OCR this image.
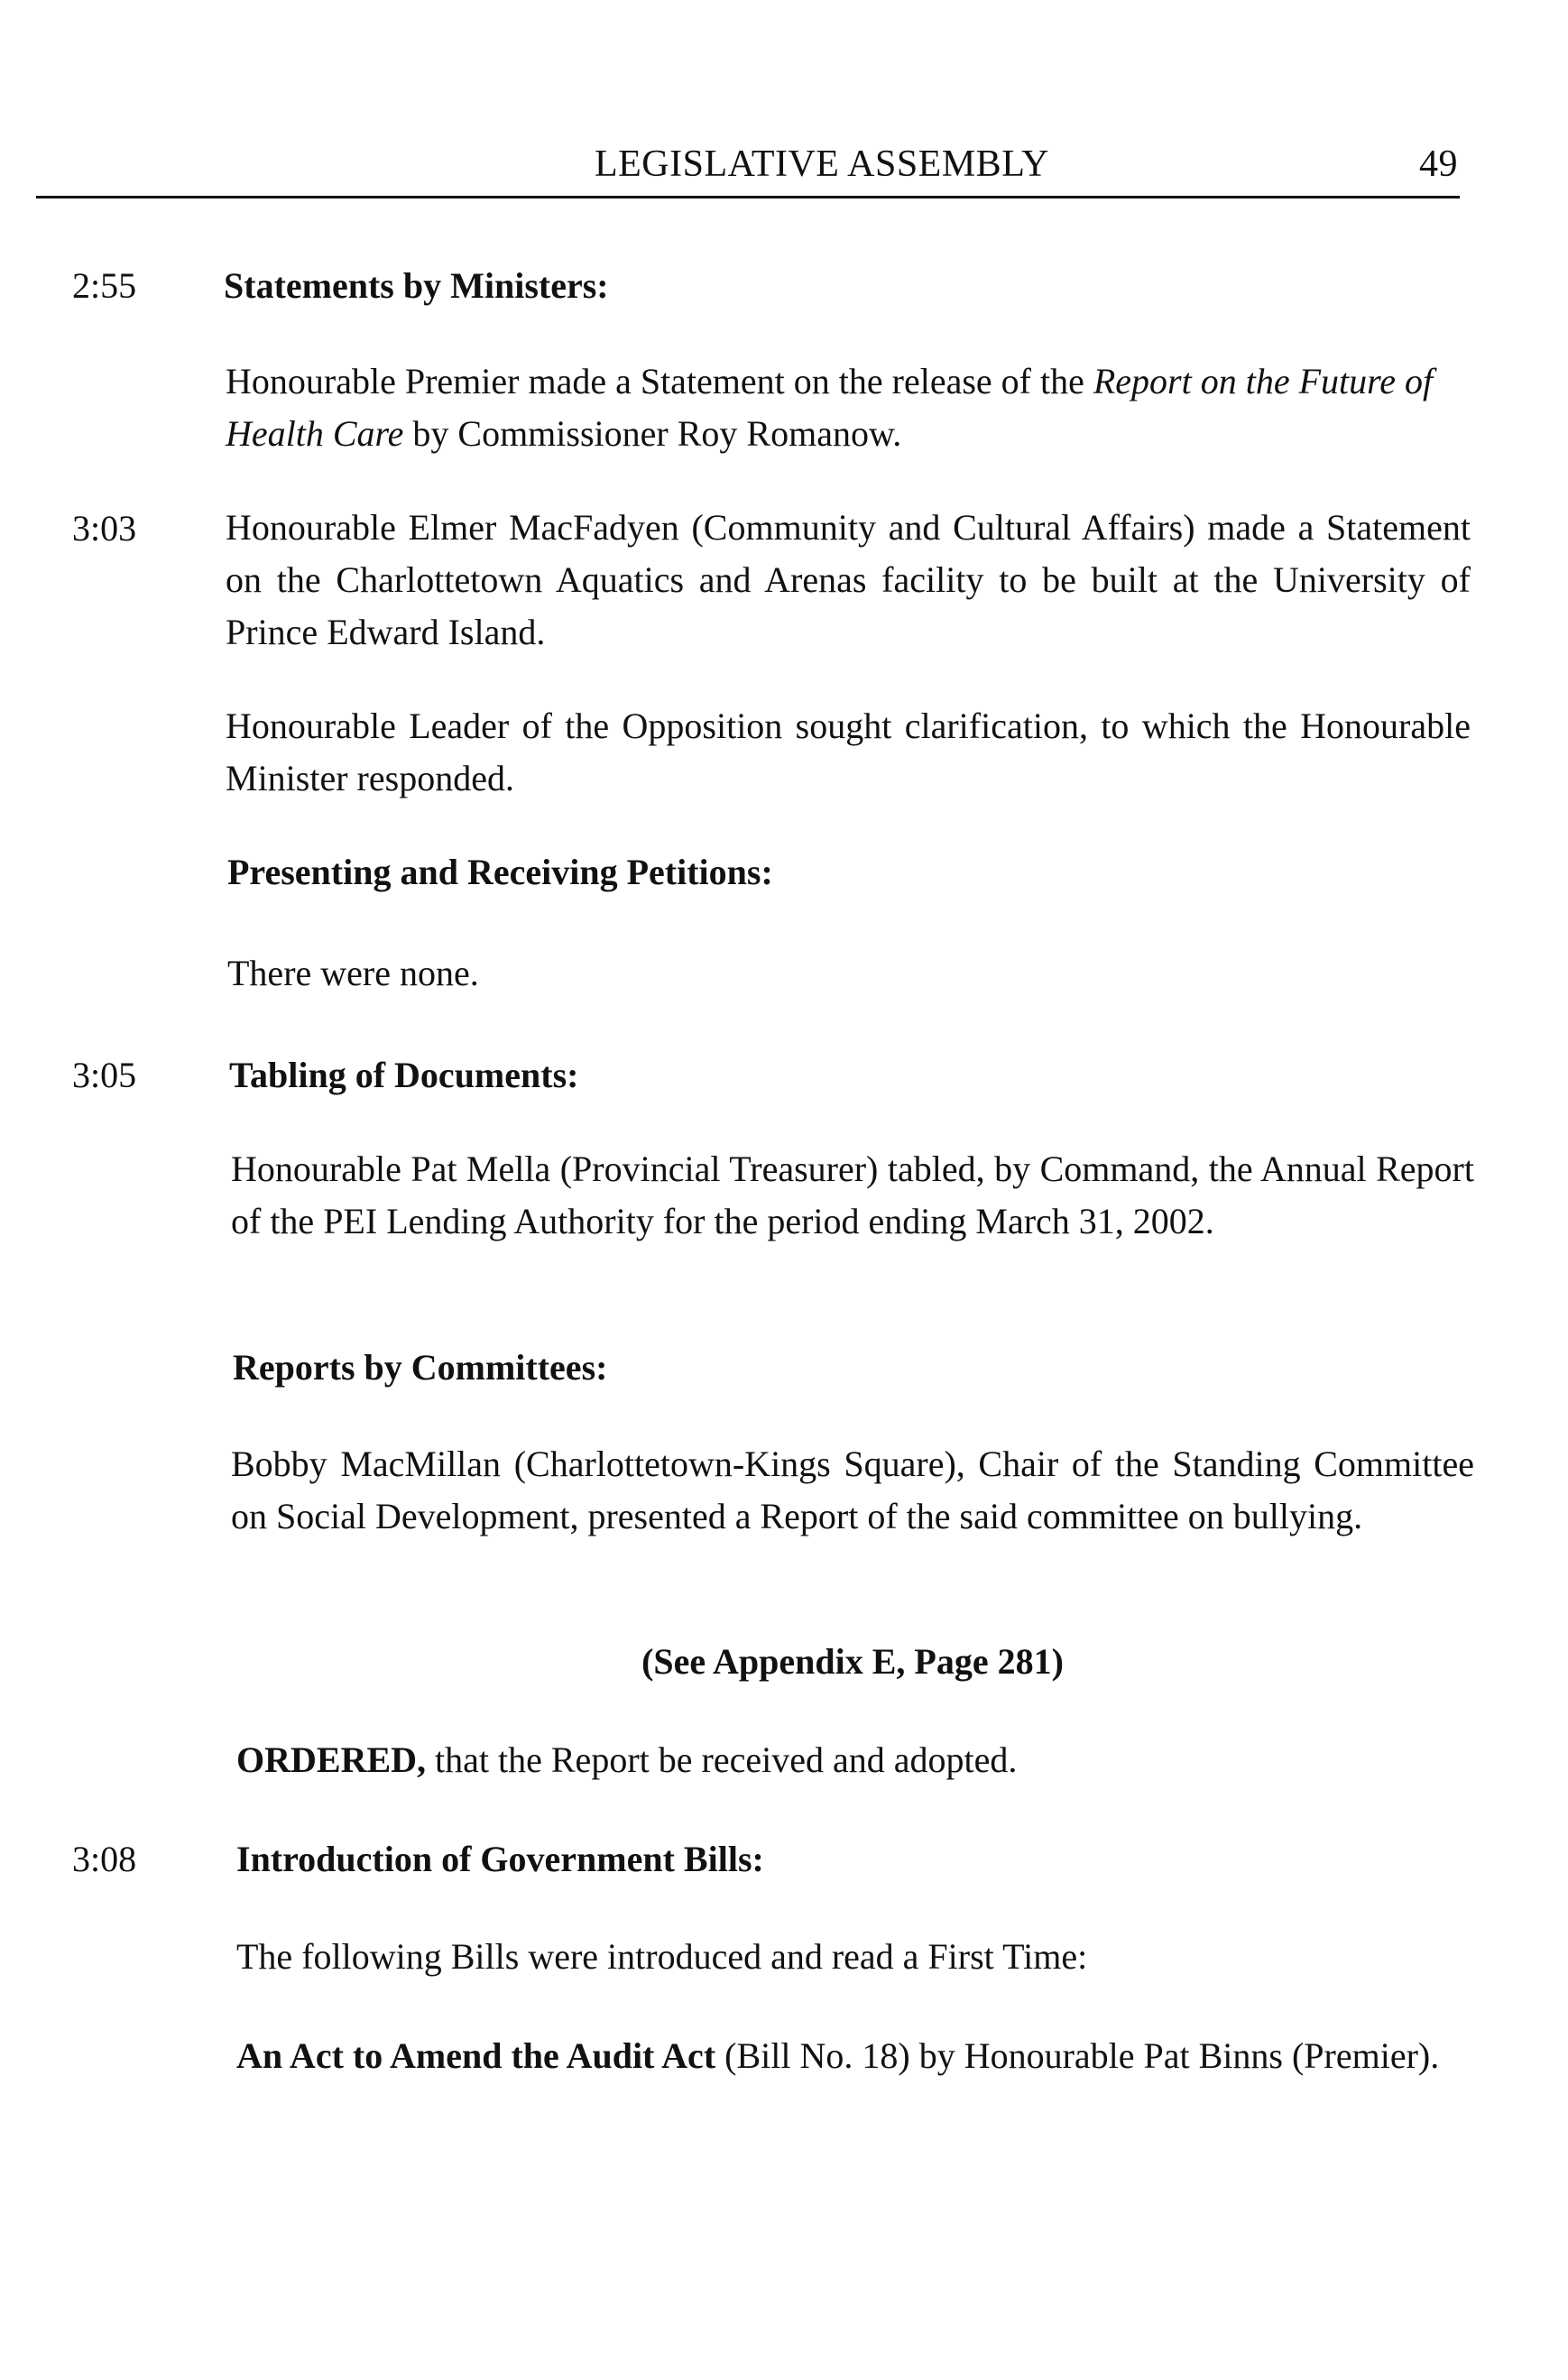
LEGISLATIVE ASSEMBLY	49
2:55 Statements by Ministers:
Honourable Premier made a Statement on the release of the Report on the Future of Health Care by Commissioner Roy Romanow.
3:03 Honourable Elmer MacFadyen (Community and Cultural Affairs) made a Statement on the Charlottetown Aquatics and Arenas facility to be built at the University of Prince Edward Island.
Honourable Leader of the Opposition sought clarification, to which the Honourable Minister responded.
Presenting and Receiving Petitions:
There were none.
3:05	Tabling of Documents:
Honourable Pat Mella (Provincial Treasurer) tabled, by Command, the Annual Report of the PEI Lending Authority for the period ending March 31, 2002.
Reports by Committees:
Bobby MacMillan (Charlottetown-Kings Square), Chair of the Standing Committee on Social Development, presented a Report of the said committee on bullying.
(See Appendix E, Page 281)
ORDERED, that the Report be received and adopted.
3:08	Introduction of Government Bills:
The following Bills were introduced and read a First Time:
An Act to Amend the Audit Act (Bill No. 18) by Honourable Pat Binns (Premier).
